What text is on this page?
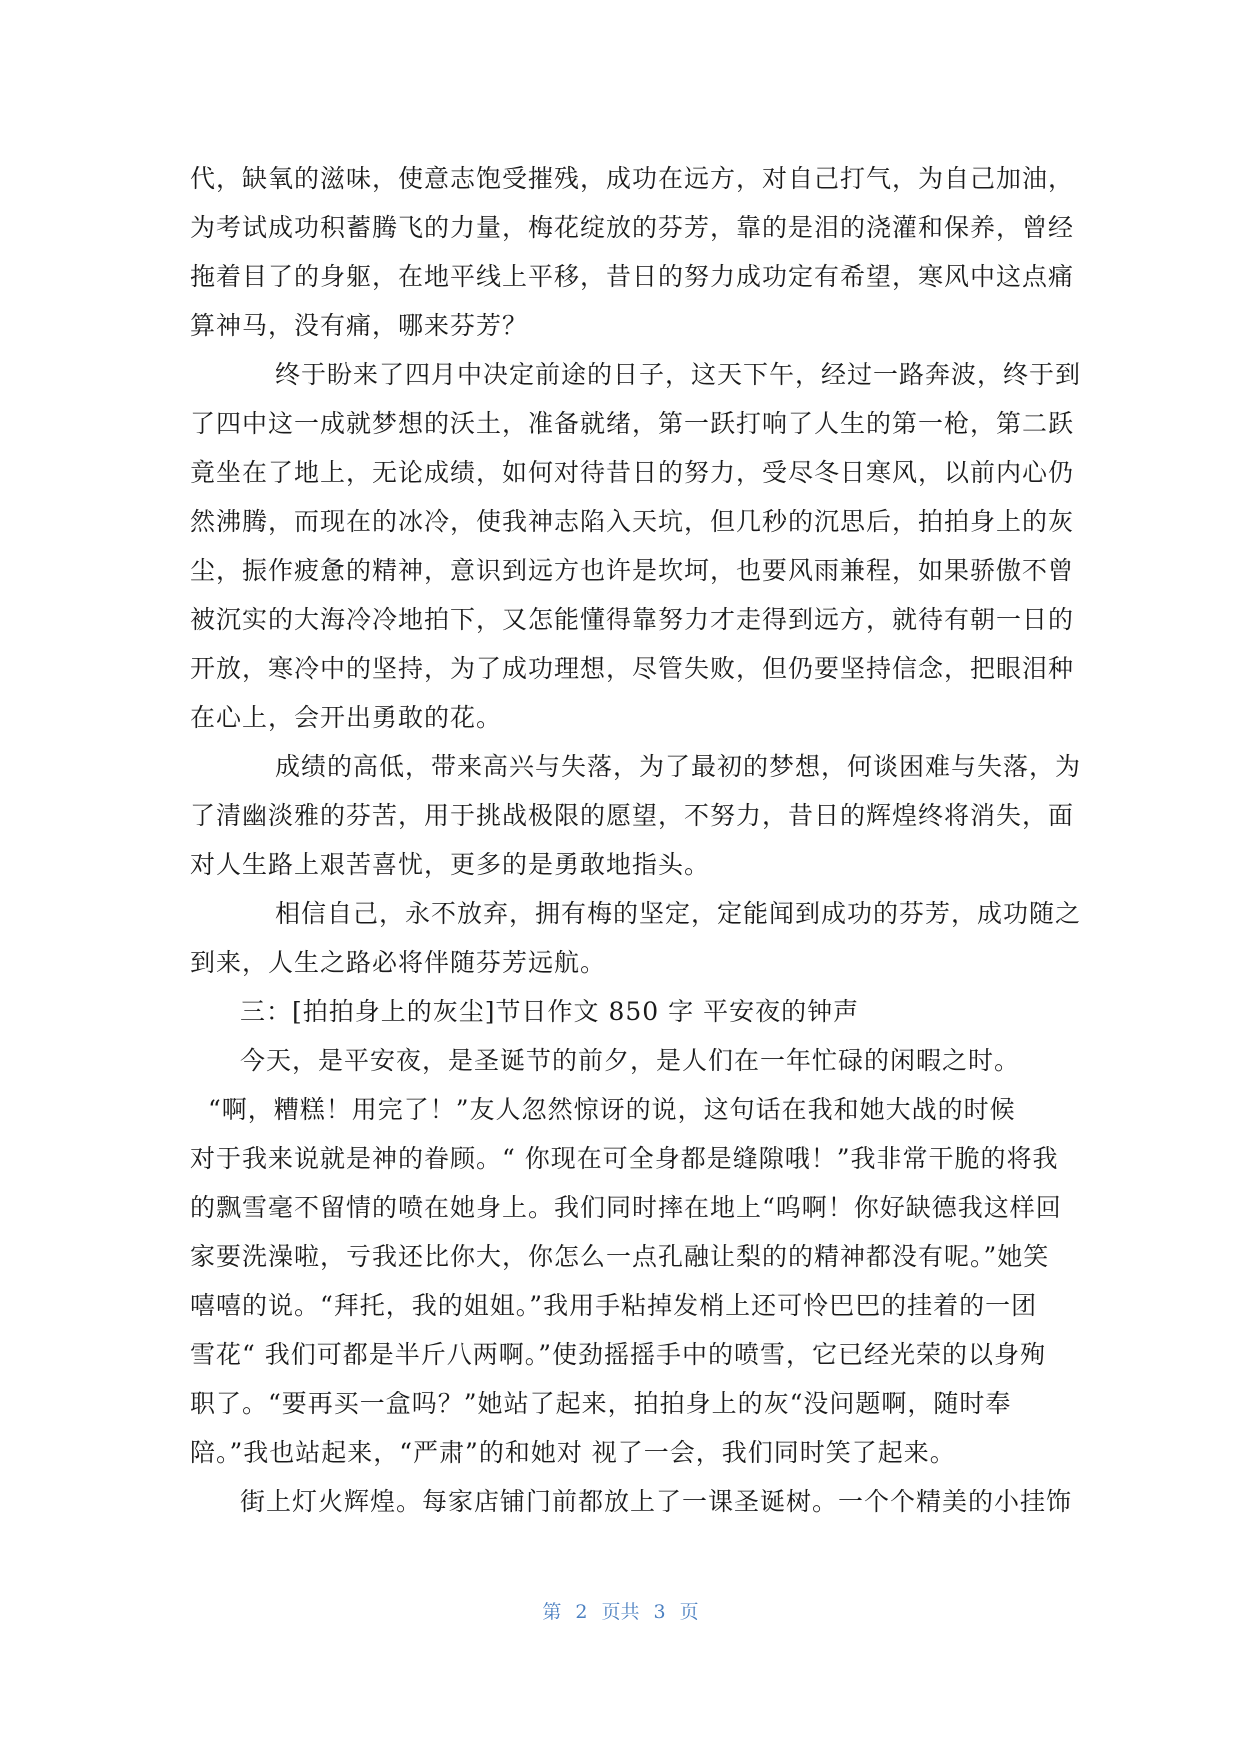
代，缺氧的滋味，使意志饱受摧残，成功在远方，对自己打气，为自己加油，
为考试成功积蓄腾飞的力量，梅花绽放的芬芳，靠的是泪的浇灌和保养，曾经
拖着目了的身躯，在地平线上平移，昔日的努力成功定有希望，寒风中这点痛
算神马，没有痛，哪来芬芳？
终于盼来了四月中决定前途的日子，这天下午，经过一路奔波，终于到
了四中这一成就梦想的沃土，准备就绪，第一跃打响了人生的第一枪，第二跃
竟坐在了地上，无论成绩，如何对待昔日的努力，受尽冬日寒风，以前内心仍
然沸腾，而现在的冰冷，使我神志陷入天坑，但几秒的沉思后，拍拍身上的灰
尘，振作疲惫的精神，意识到远方也许是坎坷，也要风雨兼程，如果骄傲不曾
被沉实的大海冷冷地拍下，又怎能懂得靠努力才走得到远方，就待有朝一日的
开放，寒冷中的坚持，为了成功理想，尽管失败，但仍要坚持信念，把眼泪种
在心上，会开出勇敢的花。
成绩的高低，带来高兴与失落，为了最初的梦想，何谈困难与失落，为
了清幽淡雅的芬苦，用于挑战极限的愿望，不努力，昔日的辉煌终将消失，面
对人生路上艰苦喜忧，更多的是勇敢地指头。
相信自己，永不放弃，拥有梅的坚定，定能闻到成功的芬芳，成功随之
到来，人生之路必将伴随芬芳远航。
三：[拍拍身上的灰尘]节日作文 850 字 平安夜的钟声
今天，是平安夜，是圣诞节的前夕，是人们在一年忙碌的闲暇之时。
“啊，糟糕！用完了！”友人忽然惊讶的说，这句话在我和她大战的时候
对于我来说就是神的眷顾。“ 你现在可全身都是缝隙哦！”我非常干脆的将我
的飘雪毫不留情的喷在她身上。我们同时摔在地上“呜啊！你好缺德我这样回
家要洗澡啦，亏我还比你大，你怎么一点孔融让梨的的精神都没有呢。”她笑
嘻嘻的说。“拜托，我的姐姐。”我用手粘掉发梢上还可怜巴巴的挂着的一团
雪花“ 我们可都是半斤八两啊。”使劲摇摇手中的喷雪，它已经光荣的以身殉
职了。“要再买一盒吗？”她站了起来，拍拍身上的灰“没问题啊，随时奉
陪。”我也站起来，“严肃”的和她对 视了一会，我们同时笑了起来。
街上灯火辉煌。每家店铺门前都放上了一课圣诞树。一个个精美的小挂饰
第 2 页共 3 页
